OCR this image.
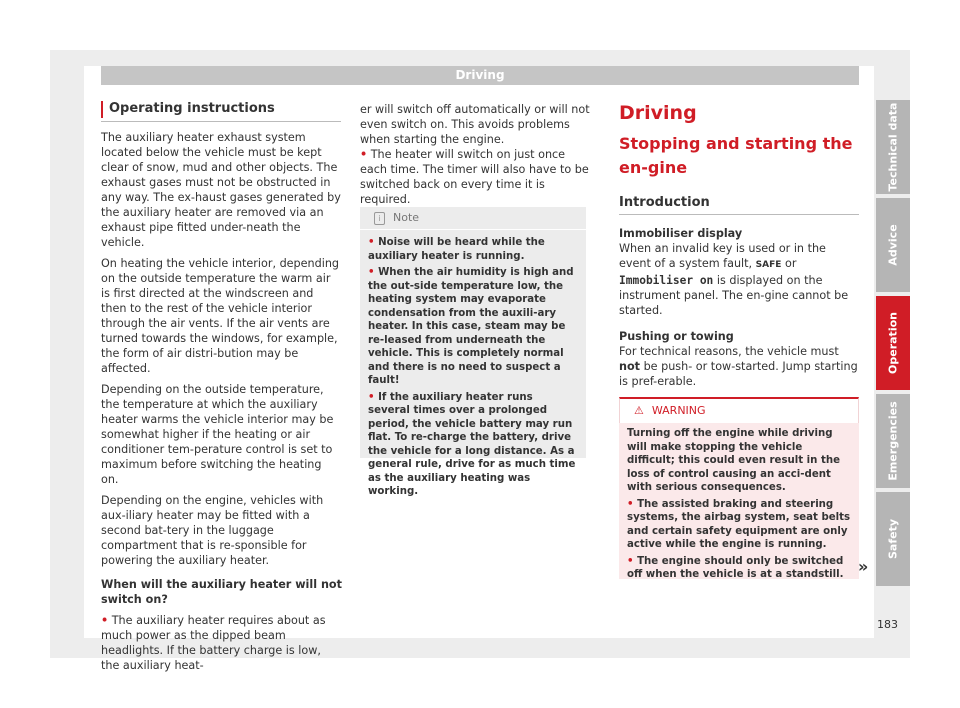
Driving
Operating instructions

The auxiliary heater exhaust system located below the vehicle must be kept clear of snow, mud and other objects. The exhaust gases must not be obstructed in any way. The ex-haust gases generated by the auxiliary heater are removed via an exhaust pipe fitted under-neath the vehicle.

On heating the vehicle interior, depending on the outside temperature the warm air is first directed at the windscreen and then to the rest of the vehicle interior through the air vents. If the air vents are turned towards the windows, for example, the form of air distri-bution may be affected.

Depending on the outside temperature, the temperature at which the auxiliary heater warms the vehicle interior may be somewhat higher if the heating or air conditioner tem-perature control is set to maximum before switching the heating on.

Depending on the engine, vehicles with aux-iliary heater may be fitted with a second bat-tery in the luggage compartment that is re-sponsible for powering the auxiliary heater.

When will the auxiliary heater will not switch on?

• The auxiliary heater requires about as much power as the dipped beam headlights. If the battery charge is low, the auxiliary heat-

er will switch off automatically or will not even switch on. This avoids problems when starting the engine.

• The heater will switch on just once each time. The timer will also have to be switched back on every time it is required.

i Note

• Noise will be heard while the auxiliary heater is running.

• When the air humidity is high and the out-side temperature low, the heating system may evaporate condensation from the auxili-ary heater. In this case, steam may be re-leased from underneath the vehicle. This is completely normal and there is no need to suspect a fault!

• If the auxiliary heater runs several times over a prolonged period, the vehicle battery may run flat. To re-charge the battery, drive the vehicle for a long distance. As a general rule, drive for as much time as the auxiliary heating was working.

Driving
Stopping and starting the en-gine
Introduction

Immobiliser display

When an invalid key is used or in the event of a system fault, SAFE or Immobiliser on is displayed on the instrument panel. The en-gine cannot be started.

Pushing or towing

For technical reasons, the vehicle must not be push- or tow-started. Jump starting is pref-erable.

⚠ WARNING

Turning off the engine while driving will make stopping the vehicle difficult; this could even result in the loss of control causing an acci-dent with serious consequences.

• The assisted braking and steering systems, the airbag system, seat belts and certain safety equipment are only active while the engine is running.

• The engine should only be switched off when the vehicle is at a standstill. »
Technical data
Advice
Operation
Emergencies
Safety
183
